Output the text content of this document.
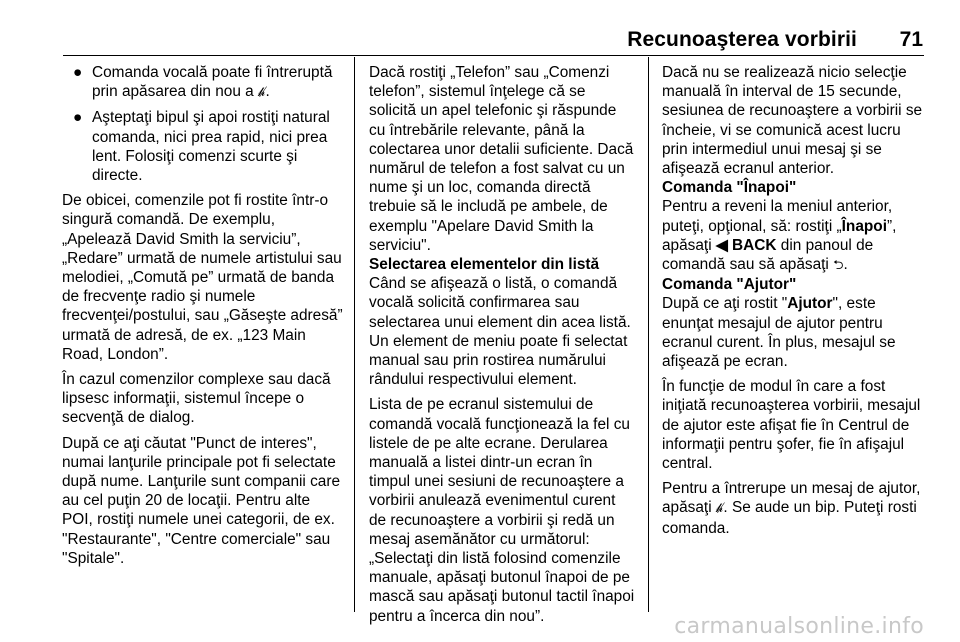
Recunoaşterea vorbirii 71
● Comanda vocală poate fi întreruptă prin apăsarea din nou a 𝒽̸.
● Aşteptaţi bipul şi apoi rostiţi natural comanda, nici prea rapid, nici prea lent. Folosiţi comenzi scurte şi directe.

De obicei, comenzile pot fi rostite într-o singură comandă. De exemplu, „Apelează David Smith la serviciu”, „Redare” urmată de numele artistului sau melodiei, „Comută pe” urmată de banda de frecvenţe radio şi numele frecvenţei/postului, sau „Găseşte adresă” urmată de adresă, de ex. „123 Main Road, London”.

În cazul comenzilor complexe sau dacă lipsesc informaţii, sistemul începe o secvenţă de dialog.

După ce aţi căutat "Punct de interes", numai lanţurile principale pot fi selectate după nume. Lanţurile sunt companii care au cel puţin 20 de locaţii. Pentru alte POI, rostiţi numele unei categorii, de ex. "Restaurante", "Centre comerciale" sau "Spitale".

Dacă rostiţi „Telefon” sau „Comenzi telefon”, sistemul înţelege că se solicită un apel telefonic şi răspunde cu întrebările relevante, până la colectarea unor detalii suficiente. Dacă numărul de telefon a fost salvat cu un nume şi un loc, comanda directă trebuie să le includă pe ambele, de exemplu "Apelare David Smith la serviciu".

Selectarea elementelor din listă

Când se afişează o listă, o comandă vocală solicită confirmarea sau selectarea unui element din acea listă. Un element de meniu poate fi selectat manual sau prin rostirea numărului rândului respectivului element.

Lista de pe ecranul sistemului de comandă vocală funcţionează la fel cu listele de pe alte ecrane. Derularea manuală a listei dintr-un ecran în timpul unei sesiuni de recunoaştere a vorbirii anulează evenimentul curent de recunoaştere a vorbirii şi redă un mesaj asemănător cu următorul: „Selectaţi din listă folosind comenzile manuale, apăsaţi butonul înapoi de pe mască sau apăsaţi butonul tactil înapoi pentru a încerca din nou”.

Dacă nu se realizează nicio selecţie manuală în interval de 15 secunde, sesiunea de recunoaştere a vorbirii se încheie, vi se comunică acest lucru prin intermediul unui mesaj şi se afişează ecranul anterior.

Comanda "Înapoi"

Pentru a reveni la meniul anterior, puteţi, opţional, să: rostiţi „Înapoi”, apăsaţi ◀ BACK din panoul de comandă sau să apăsaţi ⮌.

Comanda "Ajutor"

După ce aţi rostit "Ajutor", este enunţat mesajul de ajutor pentru ecranul curent. În plus, mesajul se afişează pe ecran.

În funcţie de modul în care a fost iniţiată recunoaşterea vorbirii, mesajul de ajutor este afişat fie în Centrul de informaţii pentru şofer, fie în afişajul central.

Pentru a întrerupe un mesaj de ajutor, apăsaţi 𝒽̸. Se aude un bip. Puteţi rosti comanda.

carmanualsonline.info
